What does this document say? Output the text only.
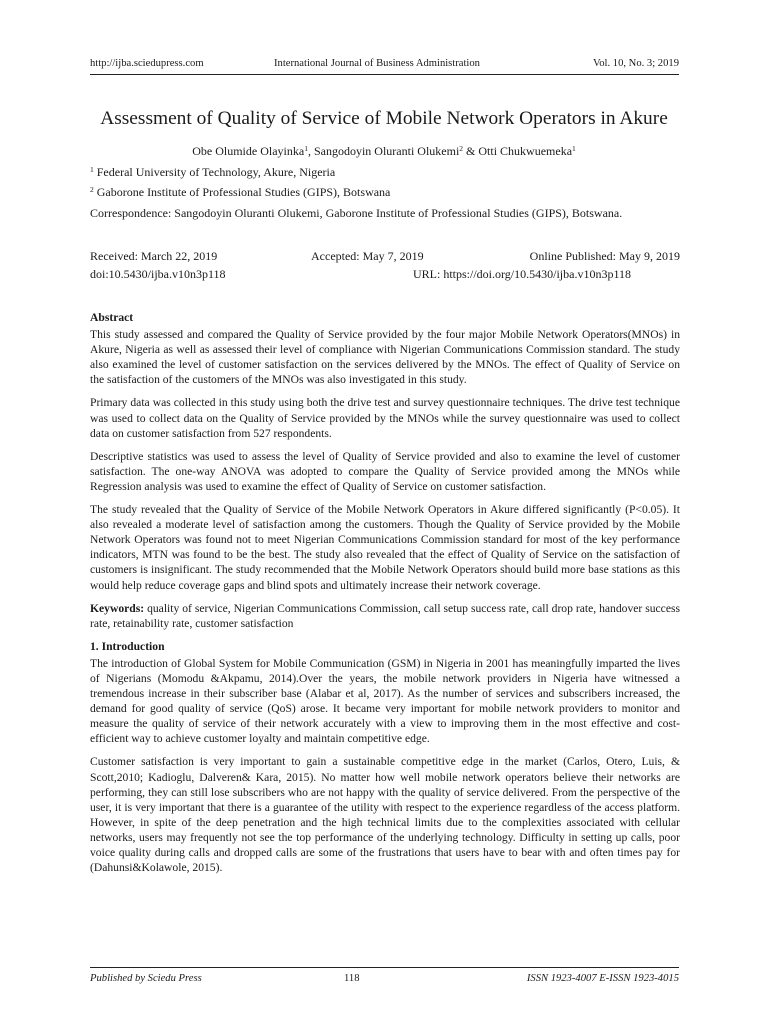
http://ijba.sciedupress.com	International Journal of Business Administration	Vol. 10, No. 3; 2019
Assessment of Quality of Service of Mobile Network Operators in Akure
Obe Olumide Olayinka$^1$, Sangodoyin Oluranti Olukemi$^2$ & Otti Chukwuemeka$^1$
$^1$ Federal University of Technology, Akure, Nigeria
$^2$ Gaborone Institute of Professional Studies (GIPS), Botswana
Correspondence: Sangodoyin Oluranti Olukemi, Gaborone Institute of Professional Studies (GIPS), Botswana.
Received: March 22, 2019	Accepted: May 7, 2019	Online Published: May 9, 2019
doi:10.5430/ijba.v10n3p118	URL: https://doi.org/10.5430/ijba.v10n3p118
Abstract

This study assessed and compared the Quality of Service provided by the four major Mobile Network Operators(MNOs) in Akure, Nigeria as well as assessed their level of compliance with Nigerian Communications Commission standard. The study also examined the level of customer satisfaction on the services delivered by the MNOs. The effect of Quality of Service on the satisfaction of the customers of the MNOs was also investigated in this study.

Primary data was collected in this study using both the drive test and survey questionnaire techniques. The drive test technique was used to collect data on the Quality of Service provided by the MNOs while the survey questionnaire was used to collect data on customer satisfaction from 527 respondents.

Descriptive statistics was used to assess the level of Quality of Service provided and also to examine the level of customer satisfaction. The one-way ANOVA was adopted to compare the Quality of Service provided among the MNOs while Regression analysis was used to examine the effect of Quality of Service on customer satisfaction.

The study revealed that the Quality of Service of the Mobile Network Operators in Akure differed significantly (P<0.05). It also revealed a moderate level of satisfaction among the customers. Though the Quality of Service provided by the Mobile Network Operators was found not to meet Nigerian Communications Commission standard for most of the key performance indicators, MTN was found to be the best. The study also revealed that the effect of Quality of Service on the satisfaction of customers is insignificant. The study recommended that the Mobile Network Operators should build more base stations as this would help reduce coverage gaps and blind spots and ultimately increase their network coverage.

Keywords: quality of service, Nigerian Communications Commission, call setup success rate, call drop rate, handover success rate, retainability rate, customer satisfaction

1. Introduction

The introduction of Global System for Mobile Communication (GSM) in Nigeria in 2001 has meaningfully imparted the lives of Nigerians (Momodu &Akpamu, 2014).Over the years, the mobile network providers in Nigeria have witnessed a tremendous increase in their subscriber base (Alabar et al, 2017). As the number of services and subscribers increased, the demand for good quality of service (QoS) arose. It became very important for mobile network providers to monitor and measure the quality of service of their network accurately with a view to improving them in the most effective and cost-efficient way to achieve customer loyalty and maintain competitive edge.

Customer satisfaction is very important to gain a sustainable competitive edge in the market (Carlos, Otero, Luis, & Scott,2010; Kadioglu, Dalveren& Kara, 2015). No matter how well mobile network operators believe their networks are performing, they can still lose subscribers who are not happy with the quality of service delivered. From the perspective of the user, it is very important that there is a guarantee of the utility with respect to the experience regardless of the access platform. However, in spite of the deep penetration and the high technical limits due to the complexities associated with cellular networks, users may frequently not see the top performance of the underlying technology. Difficulty in setting up calls, poor voice quality during calls and dropped calls are some of the frustrations that users have to bear with and often times pay for (Dahunsi&Kolawole, 2015).

Published by Sciedu Press	118	ISSN 1923-4007 E-ISSN 1923-4015
